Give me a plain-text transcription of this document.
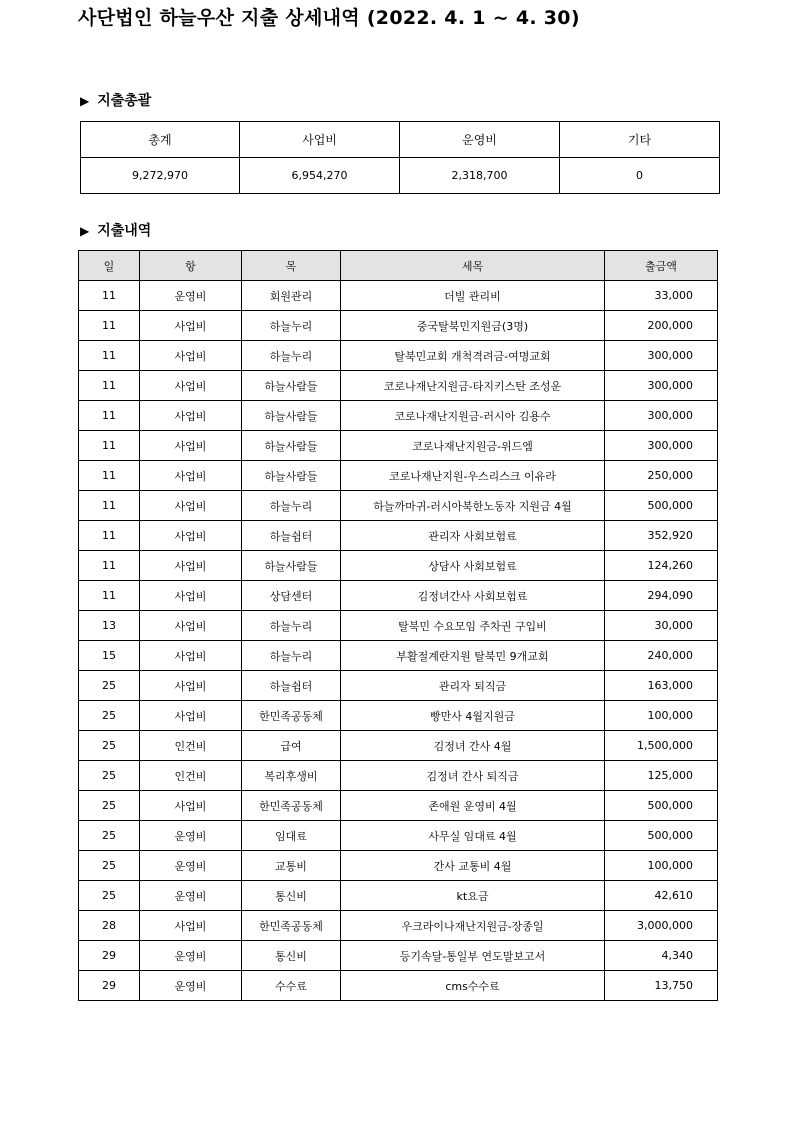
사단법인 하늘우산 지출 상세내역 (2022. 4. 1 ~ 4. 30)
▶ 지출총괄
총계	사업비	운영비	기타
9,272,970	6,954,270	2,318,700	0
▶ 지출내역
일	항	목	세목	출금액
11	운영비	회원관리	더빌 관리비	33,000
11	사업비	하늘누리	중국탈북민지원금(3명)	200,000
11	사업비	하늘누리	탈북민교회 개척격려금-여명교회	300,000
11	사업비	하늘사람들	코로나재난지원금-타지키스탄 조성운	300,000
11	사업비	하늘사람들	코로나재난지원금-러시아 김용수	300,000
11	사업비	하늘사람들	코로나재난지원금-위드엠	300,000
11	사업비	하늘사람들	코로나재난지원-우스리스크 이유라	250,000
11	사업비	하늘누리	하늘까마귀-러시아북한노동자 지원금 4월	500,000
11	사업비	하늘쉼터	관리자 사회보험료	352,920
11	사업비	하늘사람들	상담사 사회보험료	124,260
11	사업비	상담센터	김정녀간사 사회보험료	294,090
13	사업비	하늘누리	탈북민 수요모임 주차권 구입비	30,000
15	사업비	하늘누리	부활절계란지원 탈북민 9개교회	240,000
25	사업비	하늘쉼터	관리자 퇴직금	163,000
25	사업비	한민족공동체	빵만사 4월지원금	100,000
25	인건비	급여	김정녀 간사 4월	1,500,000
25	인건비	복리후생비	김정녀 간사 퇴직금	125,000
25	사업비	한민족공동체	존애원 운영비 4월	500,000
25	운영비	임대료	사무실 임대료 4월	500,000
25	운영비	교통비	간사 교통비 4월	100,000
25	운영비	통신비	kt요금	42,610
28	사업비	한민족공동체	우크라이나재난지원금-장종일	3,000,000
29	운영비	통신비	등기속달-통일부 연도말보고서	4,340
29	운영비	수수료	cms수수료	13,750
